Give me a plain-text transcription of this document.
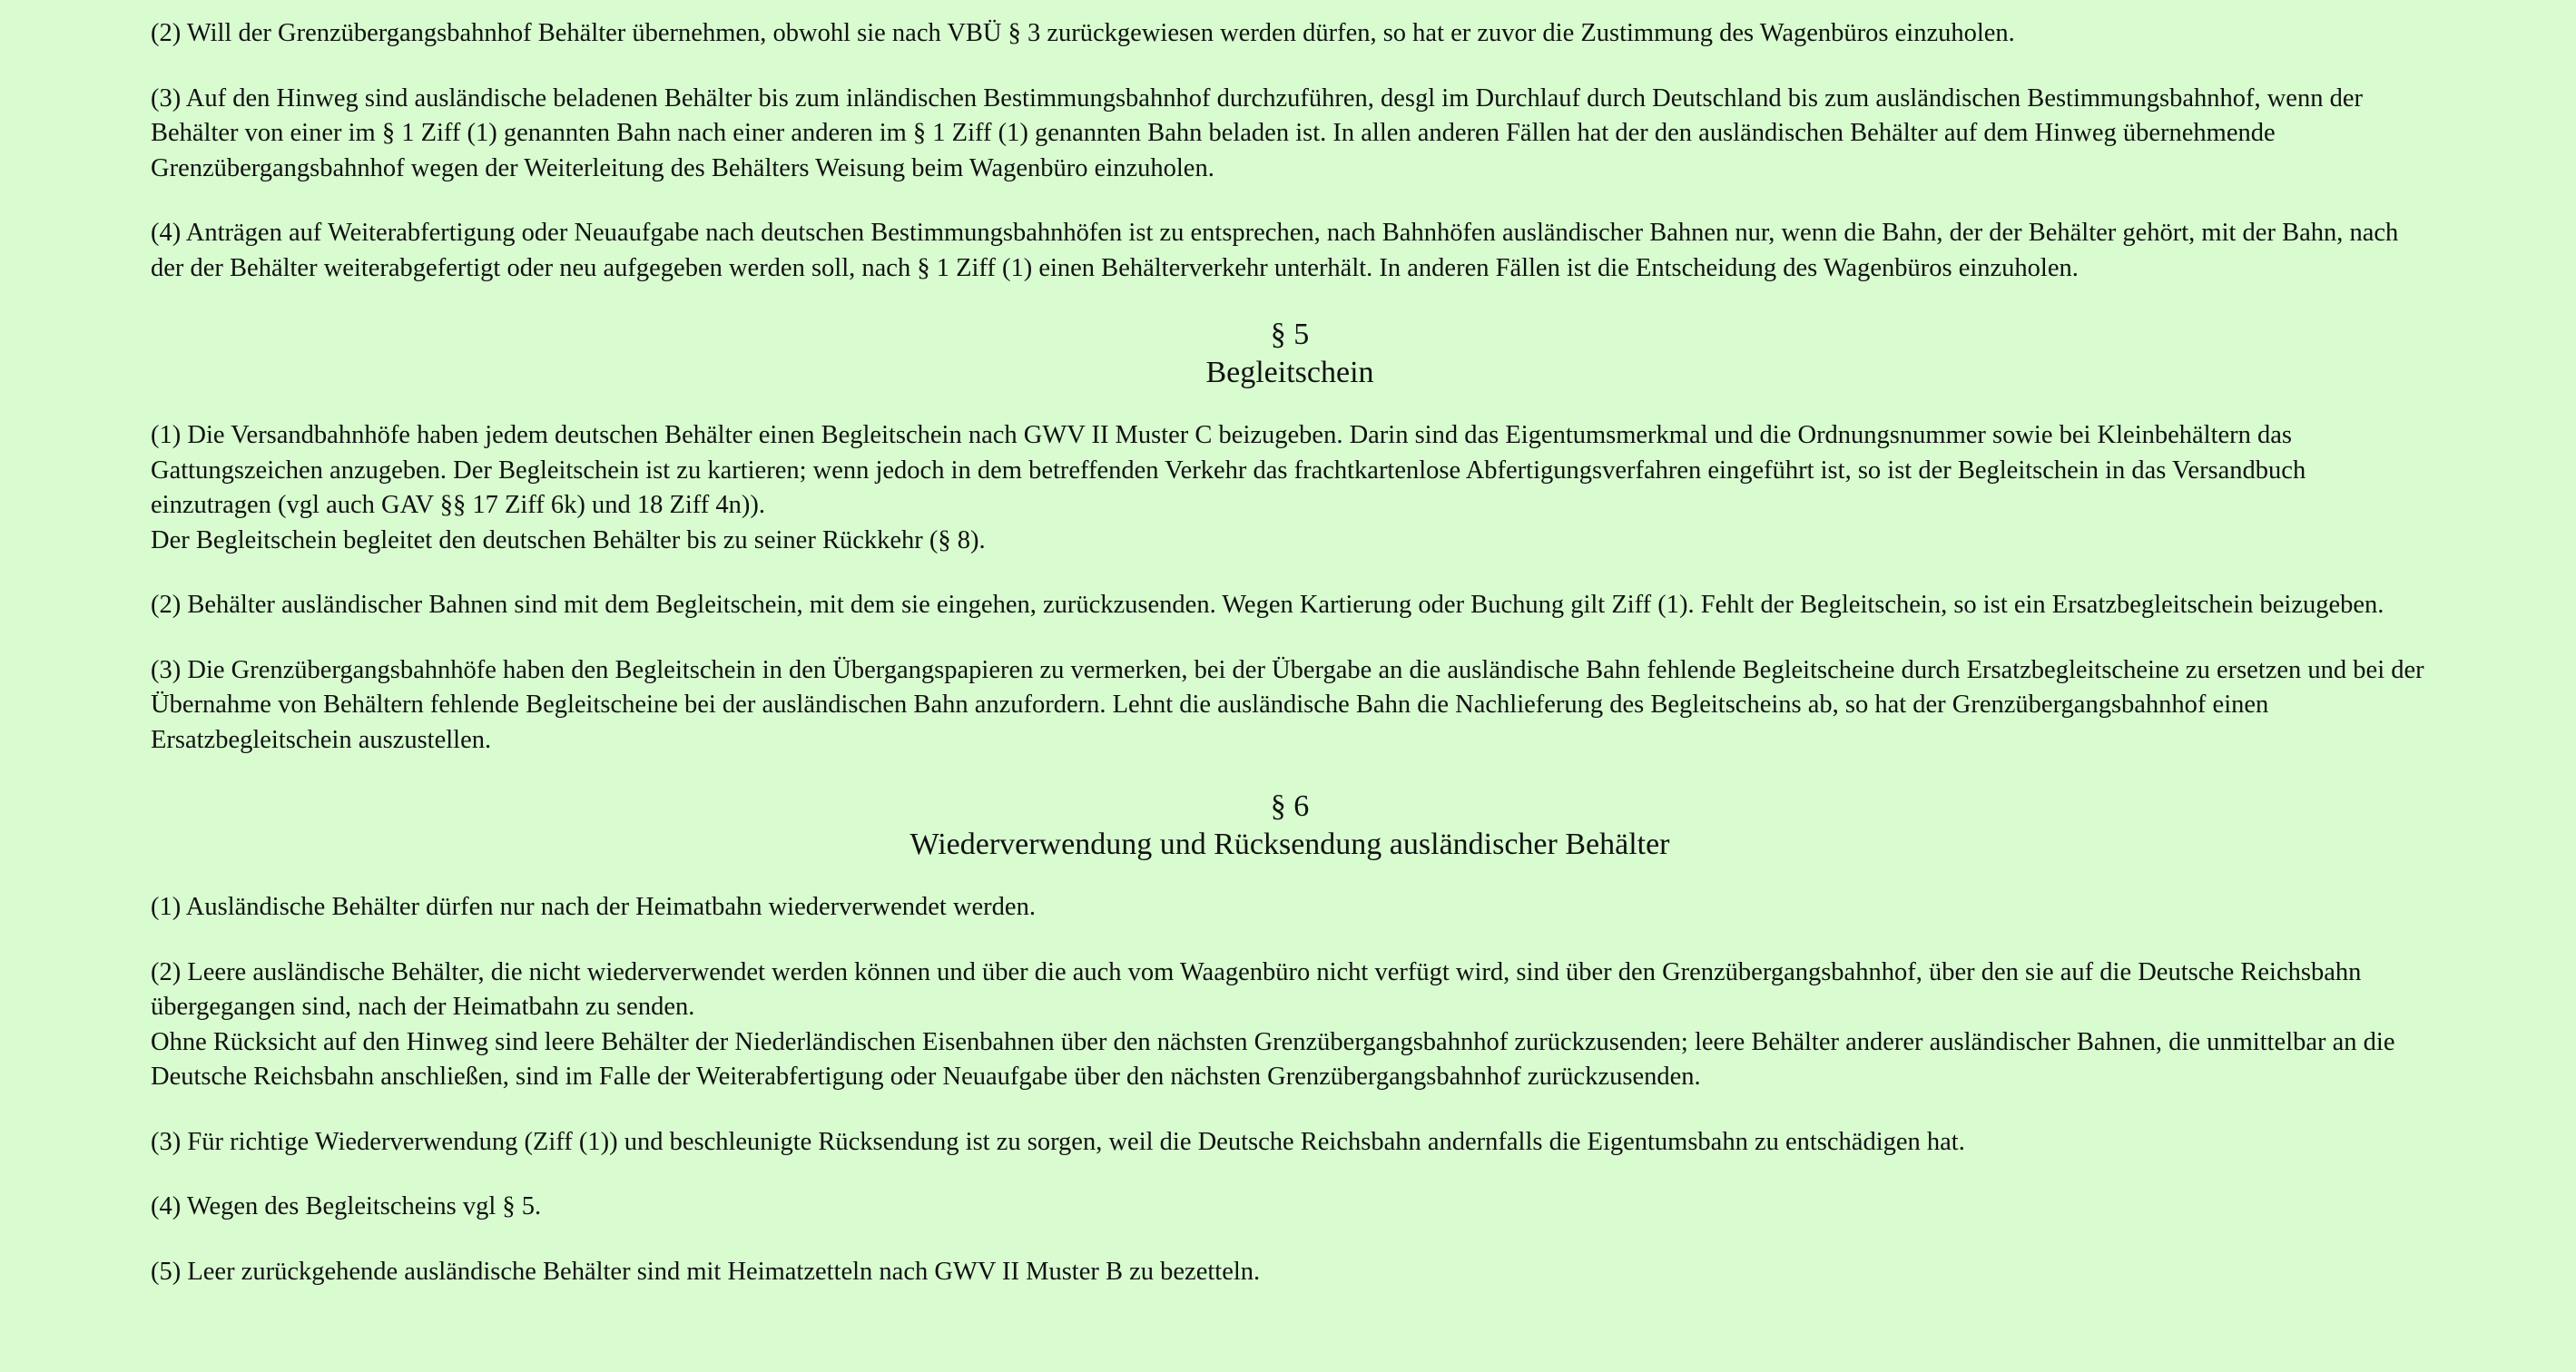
(2) Will der Grenzübergangsbahnhof Behälter übernehmen, obwohl sie nach VBÜ § 3 zurückgewiesen werden dürfen, so hat er zuvor die Zustimmung des Wagenbüros einzuholen.

(3) Auf den Hinweg sind ausländische beladenen Behälter bis zum inländischen Bestimmungsbahnhof durchzuführen, desgl im Durchlauf durch Deutschland bis zum ausländischen Bestimmungsbahnhof, wenn der Behälter von einer im § 1 Ziff (1) genannten Bahn nach einer anderen im § 1 Ziff (1) genannten Bahn beladen ist. In allen anderen Fällen hat der den ausländischen Behälter auf dem Hinweg übernehmende Grenzübergangsbahnhof wegen der Weiterleitung des Behälters Weisung beim Wagenbüro einzuholen.

(4) Anträgen auf Weiterabfertigung oder Neuaufgabe nach deutschen Bestimmungsbahnhöfen ist zu entsprechen, nach Bahnhöfen ausländischer Bahnen nur, wenn die Bahn, der der Behälter gehört, mit der Bahn, nach der der Behälter weiterabgefertigt oder neu aufgegeben werden soll, nach § 1 Ziff (1) einen Behälterverkehr unterhält. In anderen Fällen ist die Entscheidung des Wagenbüros einzuholen.

§ 5
Begleitschein

(1) Die Versandbahnhöfe haben jedem deutschen Behälter einen Begleitschein nach GWV II Muster C beizugeben. Darin sind das Eigentumsmerkmal und die Ordnungsnummer sowie bei Kleinbehältern das Gattungszeichen anzugeben. Der Begleitschein ist zu kartieren; wenn jedoch in dem betreffenden Verkehr das frachtkartenlose Abfertigungsverfahren eingeführt ist, so ist der Begleitschein in das Versandbuch einzutragen (vgl auch GAV §§ 17 Ziff 6k) und 18 Ziff 4n)).
Der Begleitschein begleitet den deutschen Behälter bis zu seiner Rückkehr (§ 8).

(2) Behälter ausländischer Bahnen sind mit dem Begleitschein, mit dem sie eingehen, zurückzusenden. Wegen Kartierung oder Buchung gilt Ziff (1). Fehlt der Begleitschein, so ist ein Ersatzbegleitschein beizugeben.

(3) Die Grenzübergangsbahnhöfe haben den Begleitschein in den Übergangspapieren zu vermerken, bei der Übergabe an die ausländische Bahn fehlende Begleitscheine durch Ersatzbegleitscheine zu ersetzen und bei der Übernahme von Behältern fehlende Begleitscheine bei der ausländischen Bahn anzufordern. Lehnt die ausländische Bahn die Nachlieferung des Begleitscheins ab, so hat der Grenzübergangsbahnhof einen Ersatzbegleitschein auszustellen.

§ 6
Wiederverwendung und Rücksendung ausländischer Behälter

(1) Ausländische Behälter dürfen nur nach der Heimatbahn wiederverwendet werden.

(2) Leere ausländische Behälter, die nicht wiederverwendet werden können und über die auch vom Waagenbüro nicht verfügt wird, sind über den Grenzübergangsbahnhof, über den sie auf die Deutsche Reichsbahn übergegangen sind, nach der Heimatbahn zu senden.
Ohne Rücksicht auf den Hinweg sind leere Behälter der Niederländischen Eisenbahnen über den nächsten Grenzübergangsbahnhof zurückzusenden; leere Behälter anderer ausländischer Bahnen, die unmittelbar an die Deutsche Reichsbahn anschließen, sind im Falle der Weiterabfertigung oder Neuaufgabe über den nächsten Grenzübergangsbahnhof zurückzusenden.

(3) Für richtige Wiederverwendung (Ziff (1)) und beschleunigte Rücksendung ist zu sorgen, weil die Deutsche Reichsbahn andernfalls die Eigentumsbahn zu entschädigen hat.

(4) Wegen des Begleitscheins vgl § 5.

(5) Leer zurückgehende ausländische Behälter sind mit Heimatzetteln nach GWV II Muster B zu bezetteln.
